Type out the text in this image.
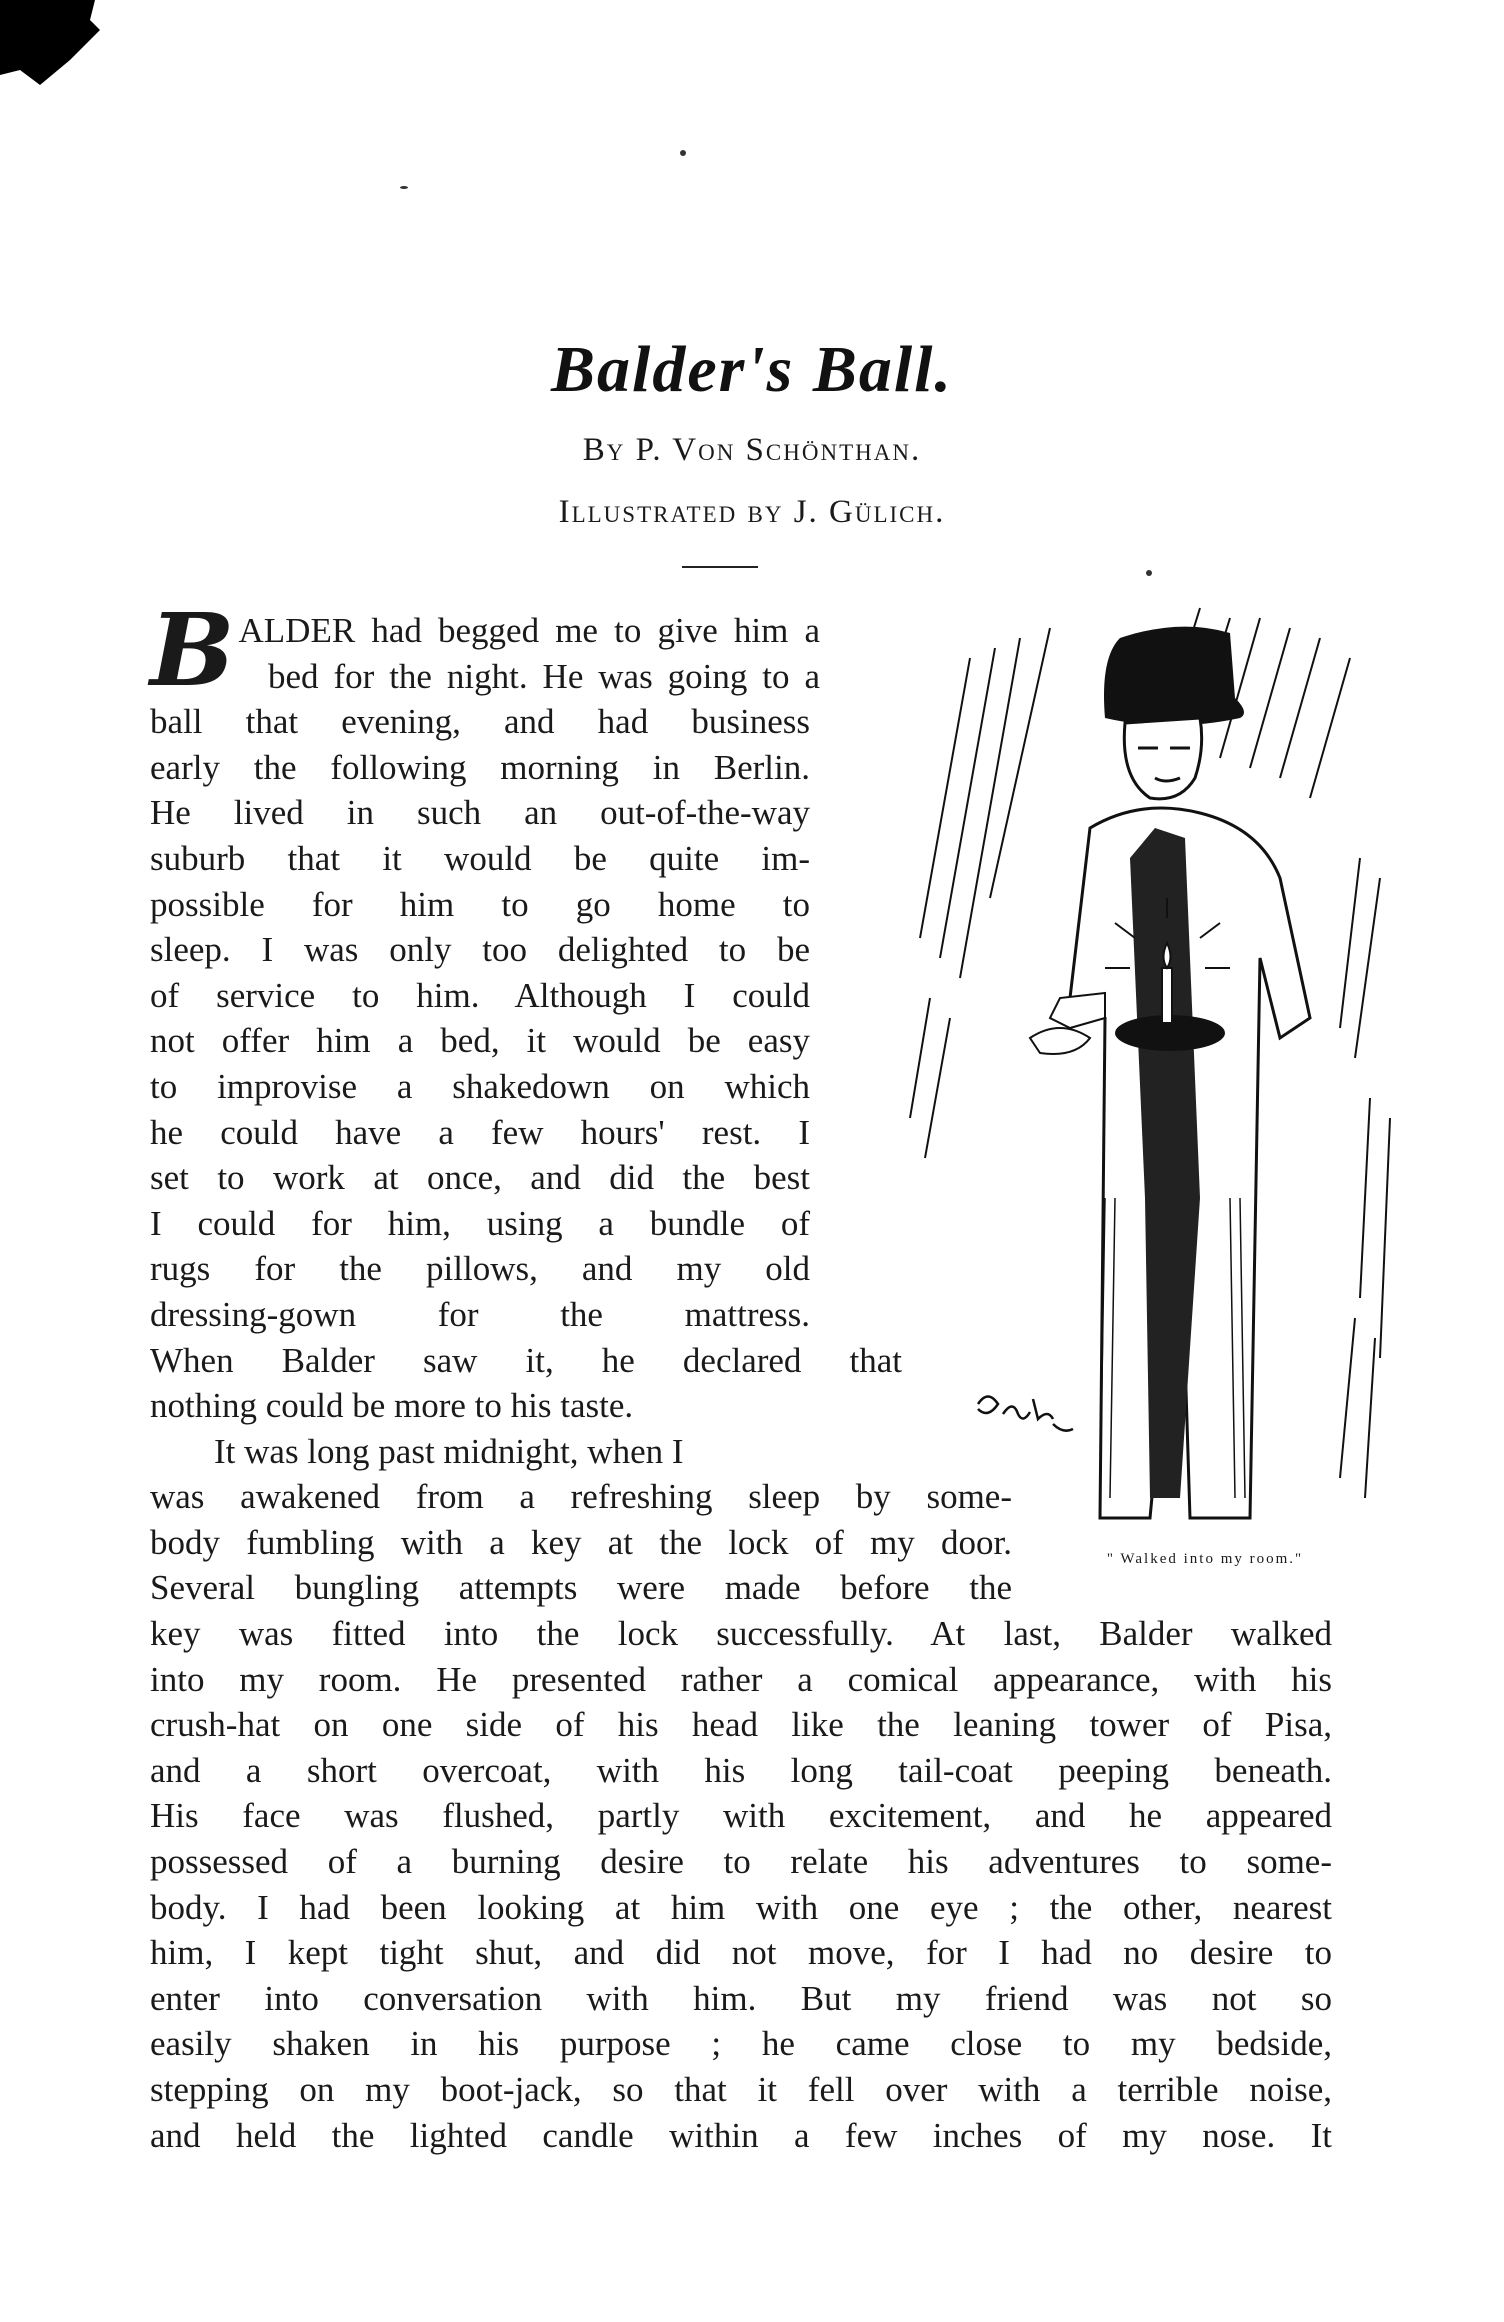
Balder's Ball.
By P. Von Schönthan.
Illustrated by J. Gülich.
" Walked into my room."
BALDER had begged me to give him a
bed for the night. He was going to a
ball that evening, and had business
early the following morning in Berlin.
He lived in such an out-of-the-way
suburb that it would be quite im-
possible for him to go home to
sleep. I was only too delighted to be
of service to him. Although I could
not offer him a bed, it would be easy
to improvise a shakedown on which
he could have a few hours' rest. I
set to work at once, and did the best
I could for him, using a bundle of
rugs for the pillows, and my old
dressing-gown for the mattress.
When Balder saw it, he declared that
nothing could be more to his taste.
It was long past midnight, when I
was awakened from a refreshing sleep by some-
body fumbling with a key at the lock of my door.
Several bungling attempts were made before the
key was fitted into the lock successfully. At last, Balder walked
into my room. He presented rather a comical appearance, with his
crush-hat on one side of his head like the leaning tower of Pisa,
and a short overcoat, with his long tail-coat peeping beneath.
His face was flushed, partly with excitement, and he appeared
possessed of a burning desire to relate his adventures to some-
body. I had been looking at him with one eye ; the other, nearest
him, I kept tight shut, and did not move, for I had no desire to
enter into conversation with him. But my friend was not so
easily shaken in his purpose ; he came close to my bedside,
stepping on my boot-jack, so that it fell over with a terrible noise,
and held the lighted candle within a few inches of my nose. It
